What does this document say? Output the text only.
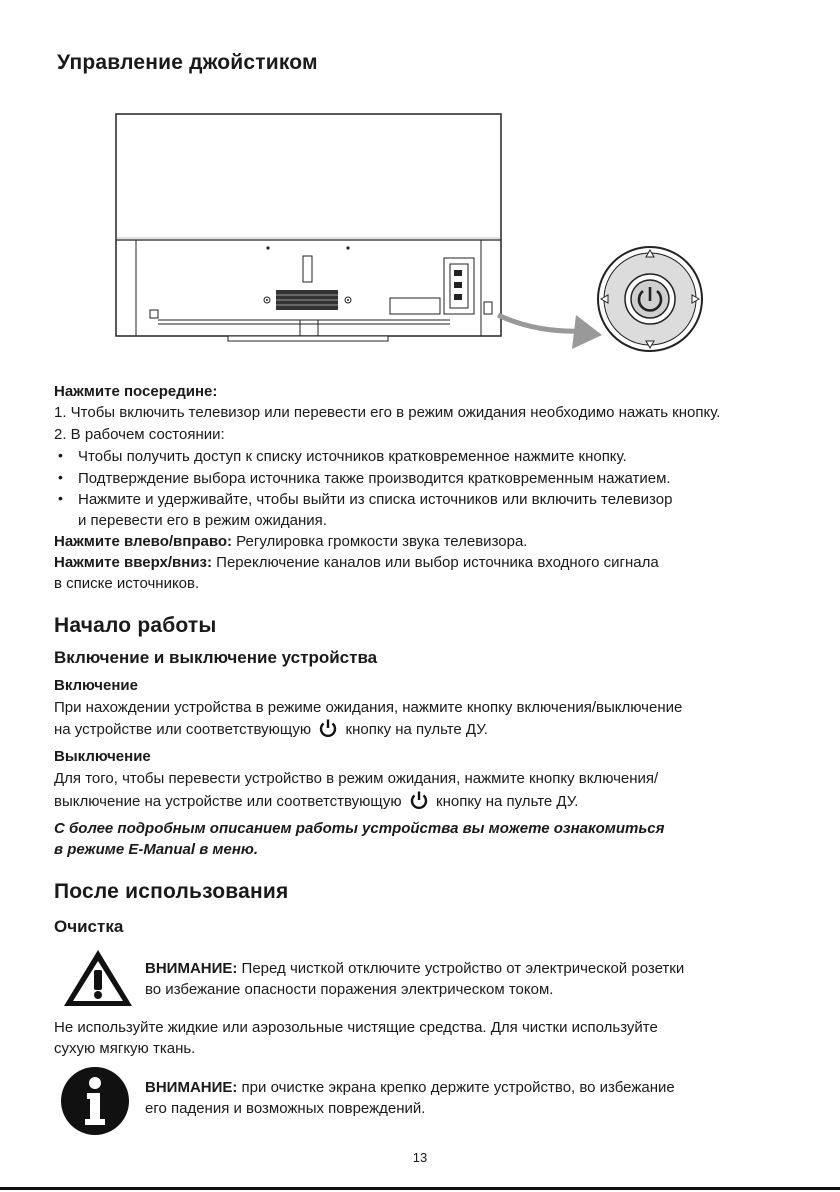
Управление джойстиком
Нажмите посередине:
1. Чтобы включить телевизор или перевести его в режим ожидания необходимо нажать кнопку.
2. В рабочем состоянии:
• Чтобы получить доступ к списку источников кратковременное нажмите кнопку.
• Подтверждение выбора источника также производится кратковременным нажатием.
• Нажмите и удерживайте, чтобы выйти из списка источников или включить телевизор
и перевести его в режим ожидания.
Нажмите влево/вправо: Регулировка громкости звука телевизора.
Нажмите вверх/вниз: Переключение каналов или выбор источника входного сигнала
в списке источников.
Начало работы
Включение и выключение устройства
Включение
При нахождении устройства в режиме ожидания, нажмите кнопку включения/выключение
на устройстве или соответствующую кнопку на пульте ДУ.
Выключение
Для того, чтобы перевести устройство в режим ожидания, нажмите кнопку включения/
выключение на устройстве или соответствующую кнопку на пульте ДУ.
С более подробным описанием работы устройства вы можете ознакомиться
в режиме E-Manual в меню.
После использования
Очистка
ВНИМАНИЕ: Перед чисткой отключите устройство от электрической розетки
во избежание опасности поражения электрическом током.
Не используйте жидкие или аэрозольные чистящие средства. Для чистки используйте
сухую мягкую ткань.
ВНИМАНИЕ: при очистке экрана крепко держите устройство, во избежание
его падения и возможных повреждений.
13
